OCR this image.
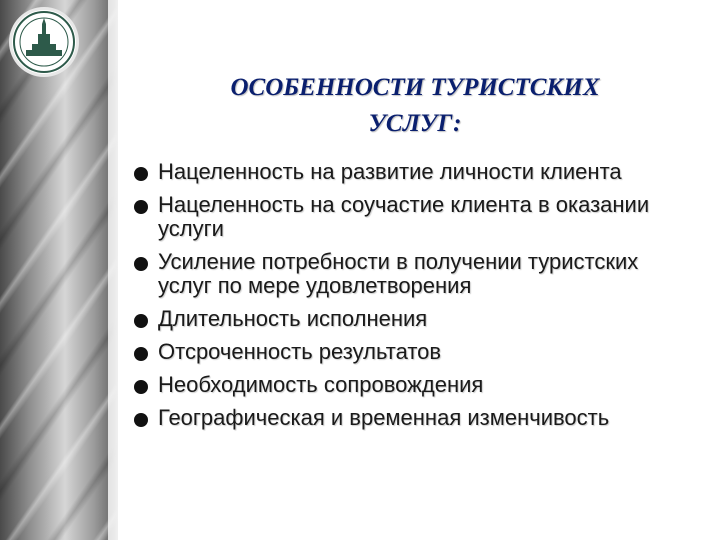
ОСОБЕННОСТИ ТУРИСТСКИХ
УСЛУГ:
Нацеленность на развитие личности клиента
Нацеленность на соучастие клиента в оказании услуги
Усиление потребности в получении туристских услуг по мере удовлетворения
Длительность исполнения
Отсроченность результатов
Необходимость сопровождения
Географическая и временная изменчивость
